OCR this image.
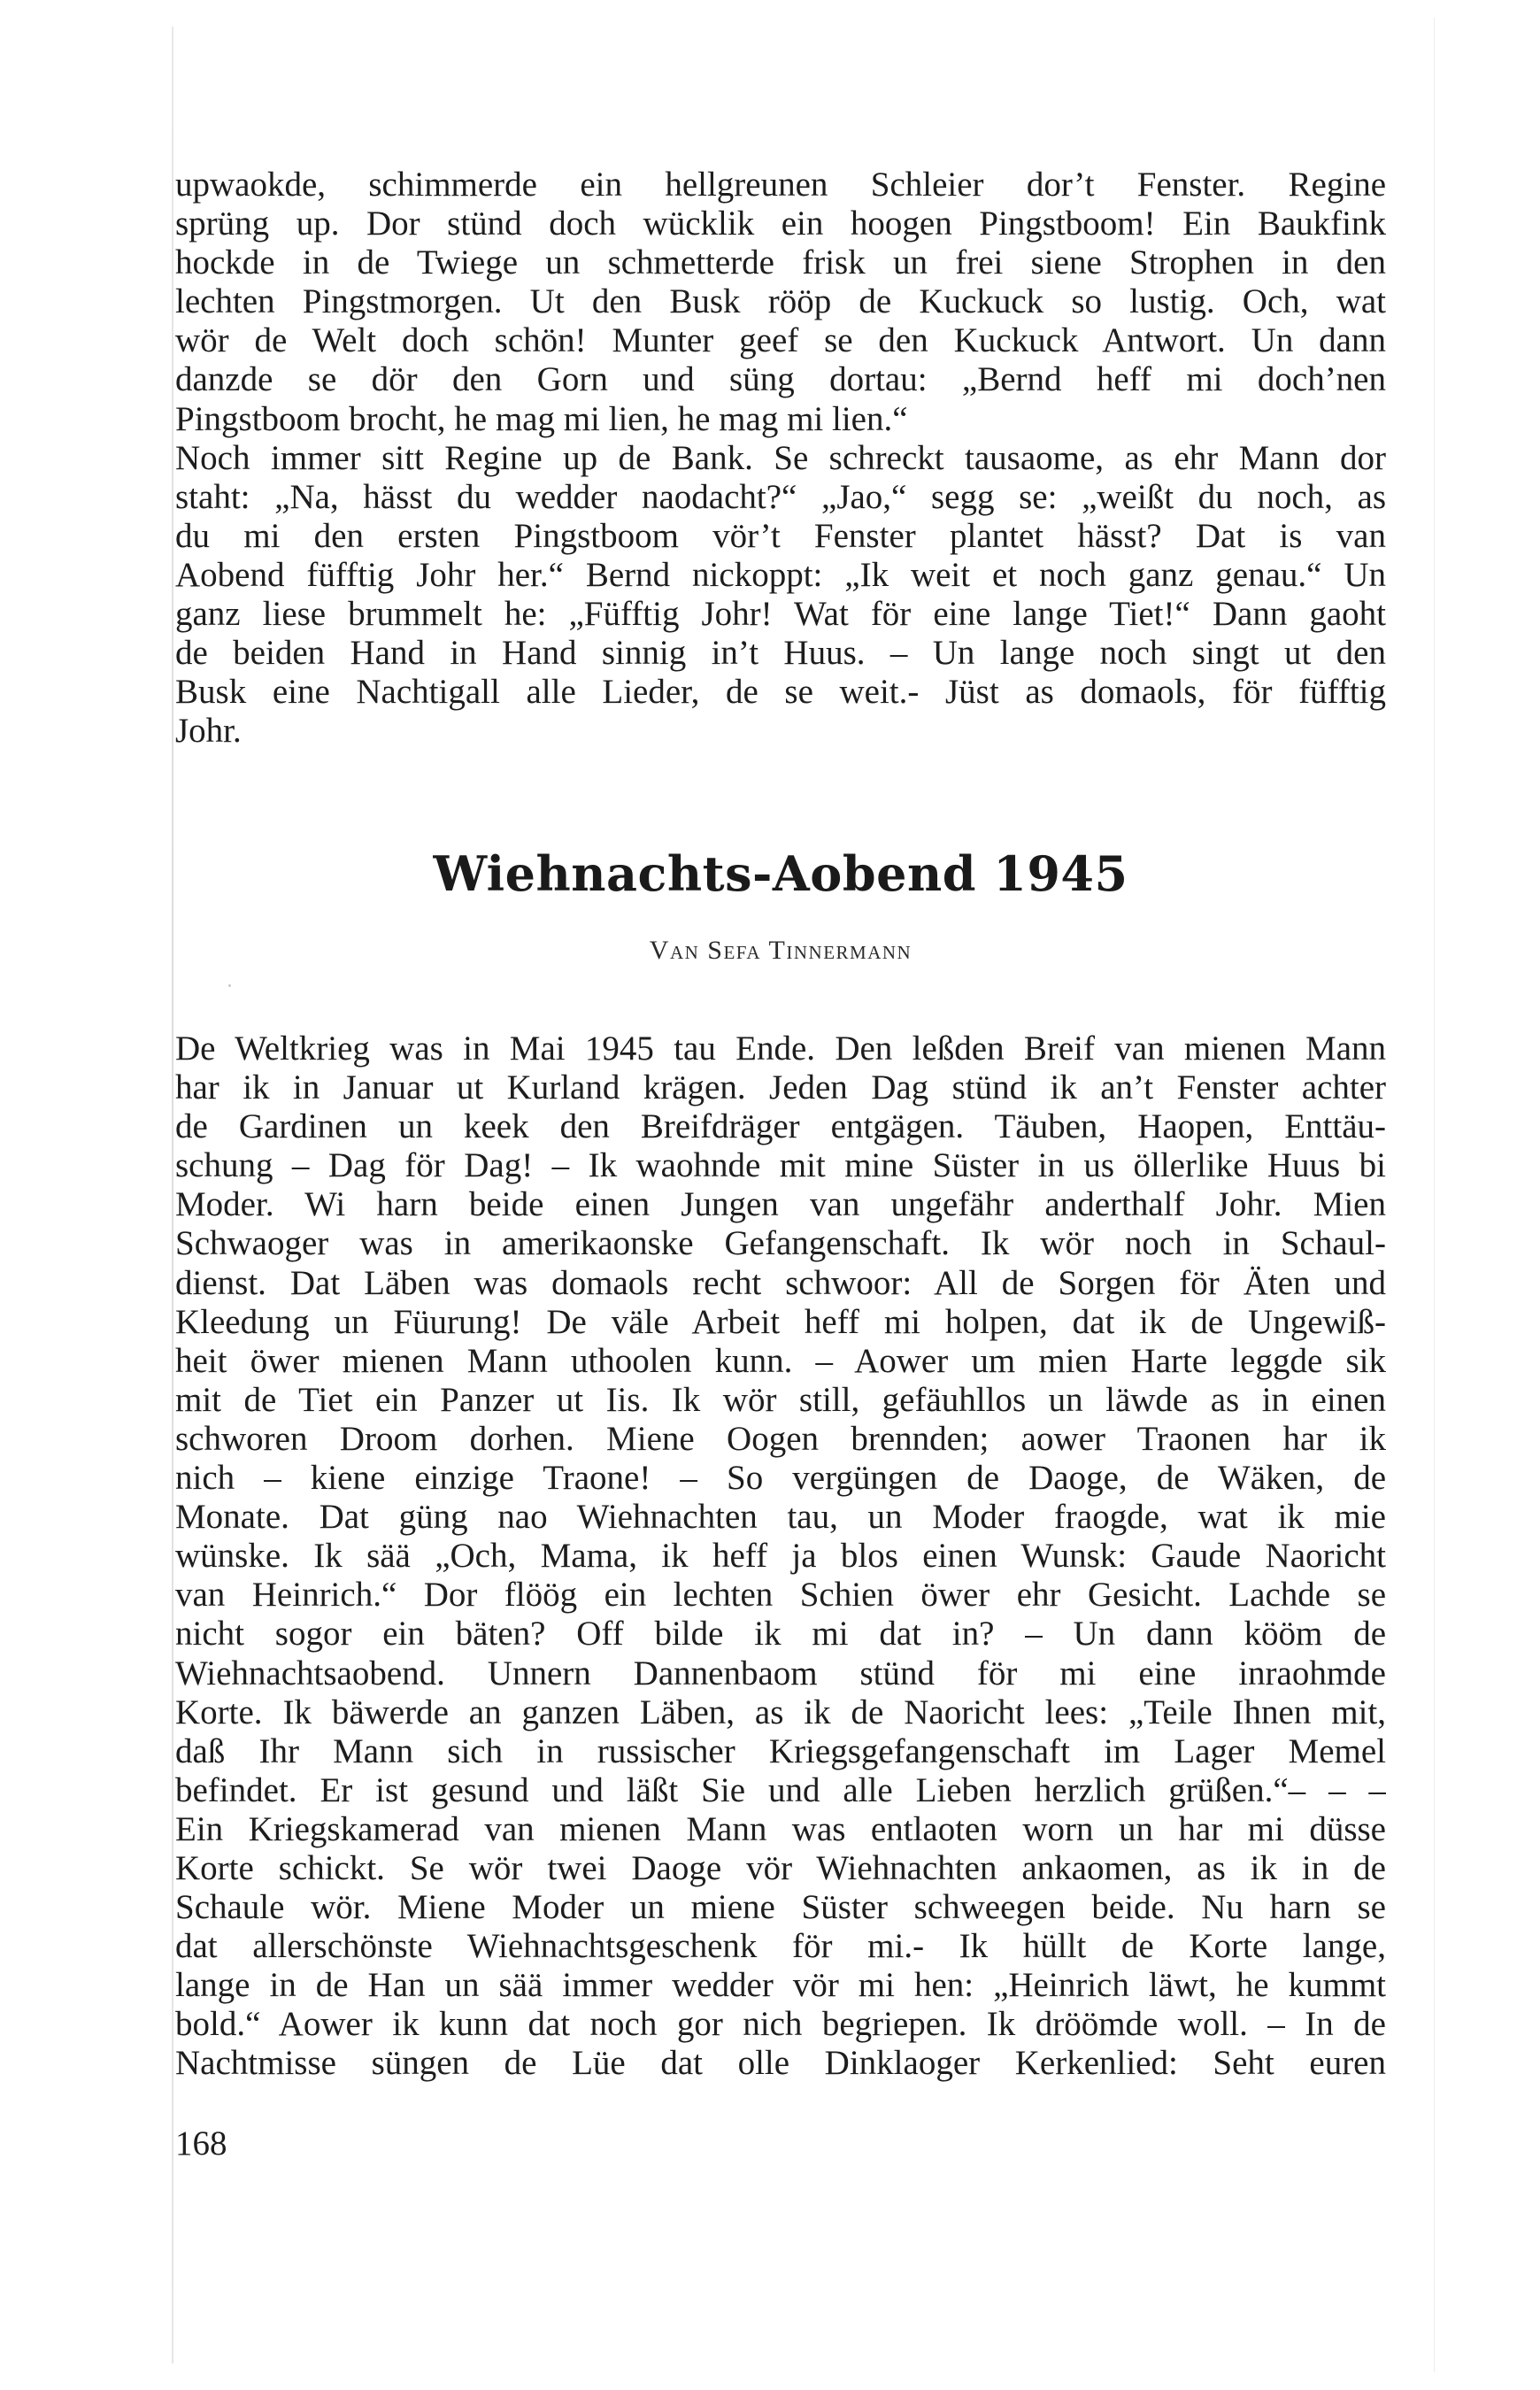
upwaokde, schimmerde ein hellgreunen Schleier dor’t Fenster. Regine
sprüng up. Dor stünd doch wücklik ein hoogen Pingstboom! Ein Baukfink
hockde in de Twiege un schmetterde frisk un frei siene Strophen in den
lechten Pingstmorgen. Ut den Busk rööp de Kuckuck so lustig. Och, wat
wör de Welt doch schön! Munter geef se den Kuckuck Antwort. Un dann
danzde se dör den Gorn und süng dortau: „Bernd heff mi doch’nen
Pingstboom brocht, he mag mi lien, he mag mi lien.“
Noch immer sitt Regine up de Bank. Se schreckt tausaome, as ehr Mann dor
staht: „Na, hässt du wedder naodacht?“ „Jao,“ segg se: „weißt du noch, as
du mi den ersten Pingstboom vör’t Fenster plantet hässt? Dat is van
Aobend füfftig Johr her.“ Bernd nickoppt: „Ik weit et noch ganz genau.“ Un
ganz liese brummelt he: „Füfftig Johr! Wat för eine lange Tiet!“ Dann gaoht
de beiden Hand in Hand sinnig in’t Huus. – Un lange noch singt ut den
Busk eine Nachtigall alle Lieder, de se weit.- Jüst as domaols, för füfftig
Johr.
Wiehnachts-Aobend 1945
Van Sefa Tinnermann
De Weltkrieg was in Mai 1945 tau Ende. Den leßden Breif van mienen Mann
har ik in Januar ut Kurland krägen. Jeden Dag stünd ik an’t Fenster achter
de Gardinen un keek den Breifdräger entgägen. Täuben, Haopen, Enttäu-
schung – Dag för Dag! – Ik waohnde mit mine Süster in us öllerlike Huus bi
Moder. Wi harn beide einen Jungen van ungefähr anderthalf Johr. Mien
Schwaoger was in amerikaonske Gefangenschaft. Ik wör noch in Schaul-
dienst. Dat Läben was domaols recht schwoor: All de Sorgen för Äten und
Kleedung un Füurung! De väle Arbeit heff mi holpen, dat ik de Ungewiß-
heit öwer mienen Mann uthoolen kunn. – Aower um mien Harte leggde sik
mit de Tiet ein Panzer ut Iis. Ik wör still, gefäuhllos un läwde as in einen
schworen Droom dorhen. Miene Oogen brennden; aower Traonen har ik
nich – kiene einzige Traone! – So vergüngen de Daoge, de Wäken, de
Monate. Dat güng nao Wiehnachten tau, un Moder fraogde, wat ik mie
wünske. Ik sää „Och, Mama, ik heff ja blos einen Wunsk: Gaude Naoricht
van Heinrich.“ Dor flöög ein lechten Schien öwer ehr Gesicht. Lachde se
nicht sogor ein bäten? Off bilde ik mi dat in? – Un dann kööm de
Wiehnachtsaobend. Unnern Dannenbaom stünd för mi eine inraohmde
Korte. Ik bäwerde an ganzen Läben, as ik de Naoricht lees: „Teile Ihnen mit,
daß Ihr Mann sich in russischer Kriegsgefangenschaft im Lager Memel
befindet. Er ist gesund und läßt Sie und alle Lieben herzlich grüßen.“– – –
Ein Kriegskamerad van mienen Mann was entlaoten worn un har mi düsse
Korte schickt. Se wör twei Daoge vör Wiehnachten ankaomen, as ik in de
Schaule wör. Miene Moder un miene Süster schweegen beide. Nu harn se
dat allerschönste Wiehnachtsgeschenk för mi.- Ik hüllt de Korte lange,
lange in de Han un sää immer wedder vör mi hen: „Heinrich läwt, he kummt
bold.“ Aower ik kunn dat noch gor nich begriepen. Ik dröömde woll. – In de
Nachtmisse süngen de Lüe dat olle Dinklaoger Kerkenlied: Seht euren
168
